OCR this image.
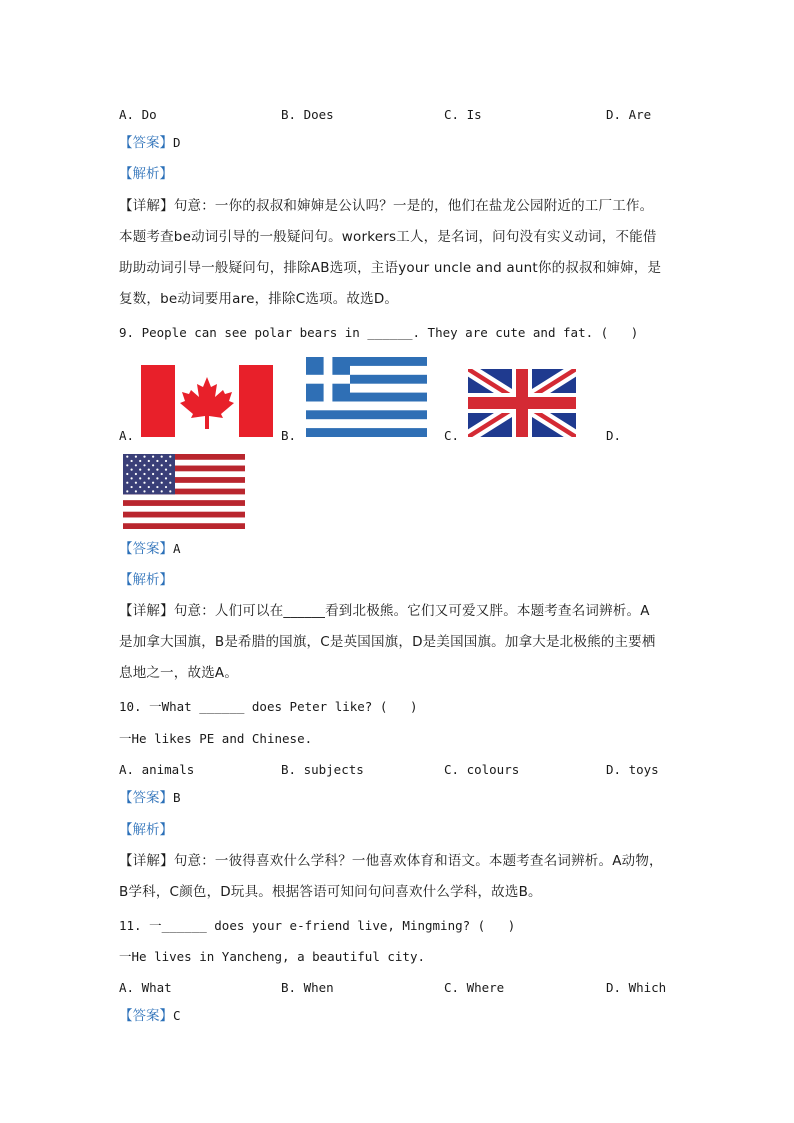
A. Do	B. Does	C. Is	D. Are
【答案】D
【解析】
【详解】句意：一你的叔叔和婶婶是公认吗？一是的，他们在盐龙公园附近的工厂工作。
本题考查be动词引导的一般疑问句。workers工人，是名词，问句没有实义动词，不能借
助助动词引导一般疑问句，排除AB选项，主语your uncle and aunt你的叔叔和婶婶，是
复数，be动词要用are，排除C选项。故选D。
9. People can see polar bears in ______. They are cute and fat. (   )
A.	B.	C.	D.
【答案】A
【解析】
【详解】句意：人们可以在______看到北极熊。它们又可爱又胖。本题考查名词辨析。A
是加拿大国旗，B是希腊的国旗，C是英国国旗，D是美国国旗。加拿大是北极熊的主要栖
息地之一，故选A。
10. 一What ______ does Peter like? (   )
一He likes PE and Chinese.
A. animals	B. subjects	C. colours	D. toys
【答案】B
【解析】
【详解】句意：一彼得喜欢什么学科？一他喜欢体育和语文。本题考查名词辨析。A动物，
B学科，C颜色，D玩具。根据答语可知问句问喜欢什么学科，故选B。
11. 一______ does your e-friend live, Mingming? (   )
一He lives in Yancheng, a beautiful city.
A. What	B. When	C. Where	D. Which
【答案】C
